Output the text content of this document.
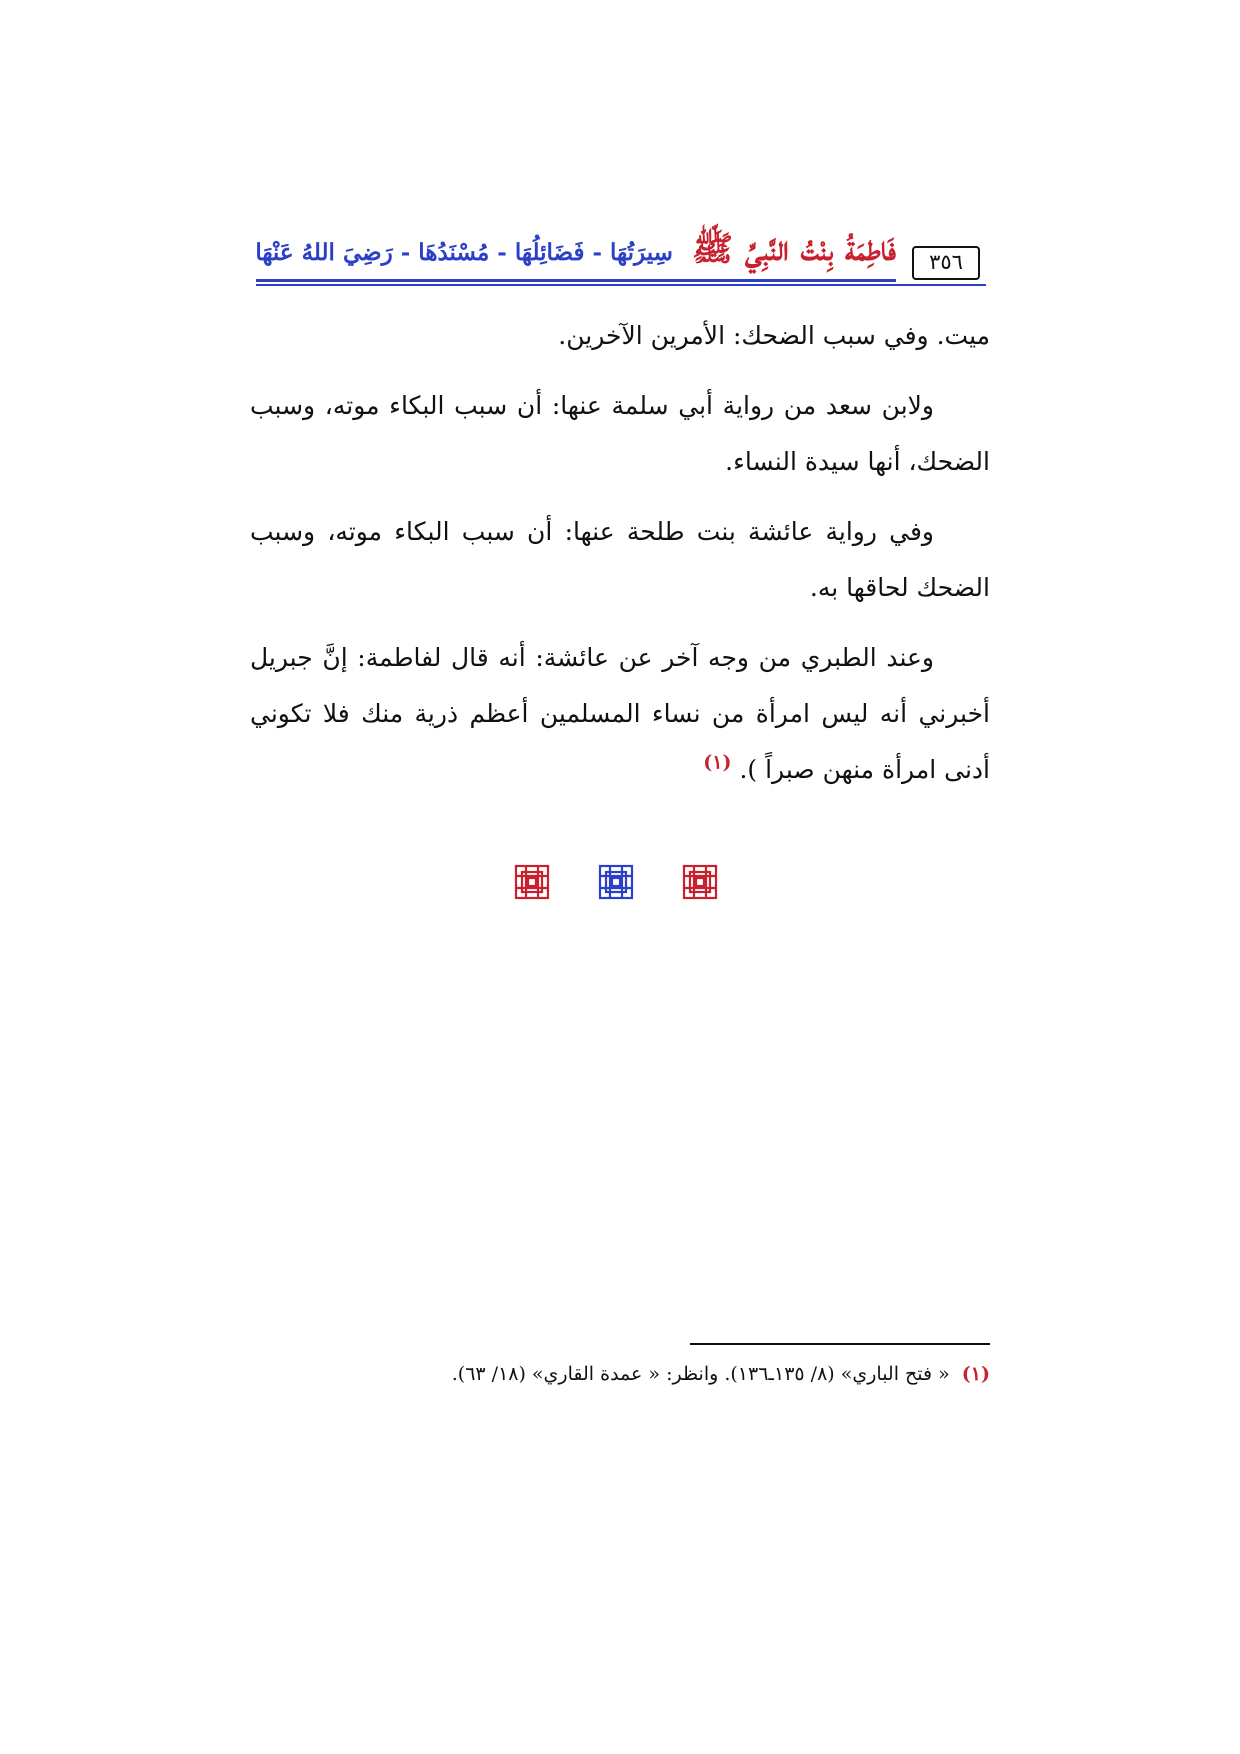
فَاطِمَةُ بِنْتُ النَّبِيِّ ﷺ سِيرَتُهَا - فَضَائِلُهَا - مُسْنَدُهَا - رَضِيَ اللهُ عَنْهَا	٣٥٦

ميت. وفي سبب الضحك: الأمرين الآخرين.

ولابن سعد من رواية أبي سلمة عنها: أن سبب البكاء موته، وسبب الضحك، أنها سيدة النساء.

وفي رواية عائشة بنت طلحة عنها: أن سبب البكاء موته، وسبب الضحك لحاقها به.

وعند الطبري من وجه آخر عن عائشة: أنه قال لفاطمة: إنَّ جبريل أخبرني أنه ليس امرأة من نساء المسلمين أعظم ذرية منك فلا تكوني أدنى امرأة منهن صبراً ). $^{(١)}$

(١)« فتح الباري» (٨/ ١٣٥ـ١٣٦). وانظر: « عمدة القاري» (١٨/ ٦٣).
